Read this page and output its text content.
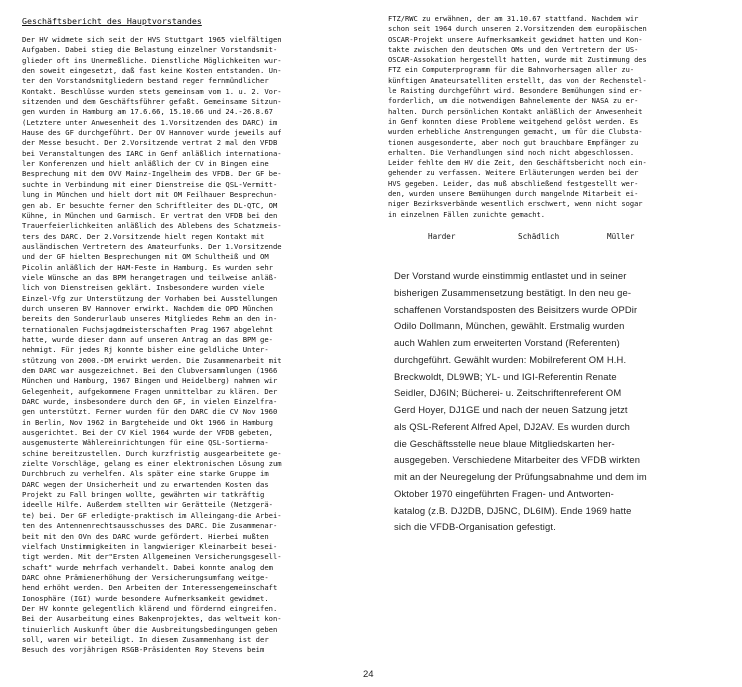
Geschäftsbericht des Hauptvorstandes
Der HV widmete sich seit der HVS Stuttgart 1965 vielfältigen
Aufgaben. Dabei stieg die Belastung einzelner Vorstandsmit-
glieder oft ins Unermeßliche. Dienstliche Möglichkeiten wur-
den soweit eingesetzt, daß fast keine Kosten entstanden. Un-
ter den Vorstandsmitgliedern bestand reger fernmündlicher
Kontakt. Beschlüsse wurden stets gemeinsam vom 1. u. 2. Vor-
sitzenden und dem Geschäftsführer gefaßt. Gemeinsame Sitzun-
gen wurden in Hamburg am 17.6.66, 15.10.66 und 24.-26.8.67
(Letztere unter Anwesenheit des 1.Vorsitzenden des DARC) im
Hause des GF durchgeführt. Der OV Hannover wurde jeweils auf
der Messe besucht. Der 2.Vorsitzende vertrat 2 mal den VFDB
bei Veranstaltungen des IARC in Genf anläßlich internationa-
ler Konferenzen und hielt anläßlich der CV in Bingen eine
Besprechung mit dem OVV Mainz-Ingelheim des VFDB. Der GF be-
suchte in Verbindung mit einer Dienstreise die QSL-Vermitt-
lung in München und hielt dort mit OM Feilhauer Besprechun-
gen ab. Er besuchte ferner den Schriftleiter des DL-QTC, OM
Kühne, in München und Garmisch. Er vertrat den VFDB bei den
Trauerfeierlichkeiten anläßlich des Ablebens des Schatzmeis-
ters des DARC. Der 2.Vorsitzende hielt regen Kontakt mit
ausländischen Vertretern des Amateurfunks. Der 1.Vorsitzende
und der GF hielten Besprechungen mit OM Schultheiß und OM
Picolin anläßlich der HAM-Feste in Hamburg. Es wurden sehr
viele Wünsche an das BPM herangetragen und teilweise anläß-
lich von Dienstreisen geklärt. Insbesondere wurden viele
Einzel-Vfg zur Unterstützung der Vorhaben bei Ausstellungen
durch unseren BV Hannover erwirkt. Nachdem die OPD München
bereits den Sonderurlaub unseres Mitgliedes Rehm an den in-
ternationalen Fuchsjagdmeisterschaften Prag 1967 abgelehnt
hatte, wurde dieser dann auf unseren Antrag an das BPM ge-
nehmigt. Für jedes Rj konnte bisher eine geldliche Unter-
stützung von 2000.-DM erwirkt werden. Die Zusammenarbeit mit
dem DARC war ausgezeichnet. Bei den Clubversammlungen (1966
München und Hamburg, 1967 Bingen und Heidelberg) nahmen wir
Gelegenheit, aufgekommene Fragen unmittelbar zu klären. Der
DARC wurde, insbesondere durch den GF, in vielen Einzelfra-
gen unterstützt. Ferner wurden für den DARC die CV Nov 1960
in Berlin, Nov 1962 in Bargteheide und Okt 1966 in Hamburg
ausgerichtet. Bei der CV Kiel 1964 wurde der VFDB gebeten,
ausgemusterte Wählereinrichtungen für eine QSL-Sortierma-
schine bereitzustellen. Durch kurzfristig ausgearbeitete ge-
zielte Vorschläge, gelang es einer elektronischen Lösung zum
Durchbruch zu verhelfen. Als später eine starke Gruppe im
DARC wegen der Unsicherheit und zu erwartenden Kosten das
Projekt zu Fall bringen wollte, gewährten wir tatkräftig
ideelle Hilfe. Außerdem stellten wir Gerätteile (Netzgerä-
te) bei. Der GF erledigte-praktisch im Alleingang-die Arbei-
ten des Antennenrechtsausschusses des DARC. Die Zusammenar-
beit mit den OVn des DARC wurde gefördert. Hierbei mußten
vielfach Unstimmigkeiten in langwieriger Kleinarbeit besei-
tigt werden. Mit der"Ersten Allgemeinen Versicherungsgesell-
schaft" wurde mehrfach verhandelt. Dabei konnte analog dem
DARC ohne Prämienerhöhung der Versicherungsumfang weitge-
hend erhöht werden. Den Arbeiten der Interessengemeinschaft
Ionosphäre (IGI) wurde besondere Aufmerksamkeit gewidmet.
Der HV konnte gelegentlich klärend und fördernd eingreifen.
Bei der Ausarbeitung eines Bakenprojektes, das weltweit kon-
tinuierlich Auskunft über die Ausbreitungsbedingungen geben
soll, waren wir beteiligt. In diesem Zusammenhang ist der
Besuch des vorjährigen RSGB-Präsidenten Roy Stevens beim
FTZ/RWC zu erwähnen, der am 31.10.67 stattfand. Nachdem wir
schon seit 1964 durch unseren 2.Vorsitzenden dem europäischen
OSCAR-Projekt unsere Aufmerksamkeit gewidmet hatten und Kon-
takte zwischen den deutschen OMs und den Vertretern der US-
OSCAR-Assokation hergestellt hatten, wurde mit Zustimmung des
FTZ ein Computerprogramm für die Bahnvorhersagen aller zu-
künftigen Amateursatelliten erstellt, das von der Rechenstel-
le Raisting durchgeführt wird. Besondere Bemühungen sind er-
forderlich, um die notwendigen Bahnelemente der NASA zu er-
halten. Durch persönlichen Kontakt anläßlich der Anwesenheit
in Genf konnten diese Probleme weitgehend gelöst werden. Es
wurden erhebliche Anstrengungen gemacht, um für die Clubsta-
tionen ausgesonderte, aber noch gut brauchbare Empfänger zu
erhalten. Die Verhandlungen sind noch nicht abgeschlossen.
Leider fehlte dem HV die Zeit, den Geschäftsbericht noch ein-
gehender zu verfassen. Weitere Erläuterungen werden bei der
HVS gegeben. Leider, das muß abschließend festgestellt wer-
den, wurden unsere Bemühungen durch mangelnde Mitarbeit ei-
niger Bezirksverbände wesentlich erschwert, wenn nicht sogar
in einzelnen Fällen zunichte gemacht.
Harder	Schädlich	Müller
Der Vorstand wurde einstimmig entlastet und in seiner
bisherigen Zusammensetzung bestätigt. In den neu ge-
schaffenen Vorstandsposten des Beisitzers wurde OPDir
Odilo Dollmann, München, gewählt. Erstmalig wurden
auch Wahlen zum erweiterten Vorstand (Referenten)
durchgeführt. Gewählt wurden: Mobilreferent OM H.H.
Breckwoldt, DL9WB; YL- und IGI-Referentin Renate
Seidler, DJ6IN; Bücherei- u. Zeitschriftenreferent OM
Gerd Hoyer, DJ1GE und nach der neuen Satzung jetzt
als QSL-Referent Alfred Apel, DJ2AV. Es wurden durch
die Geschäftsstelle neue blaue Mitgliedskarten her-
ausgegeben. Verschiedene Mitarbeiter des VFDB wirkten
mit an der Neuregelung der Prüfungsabnahme und dem im
Oktober 1970 eingeführten Fragen- und Antworten-
katalog (z.B. DJ2DB, DJ5NC, DL6IM). Ende 1969 hatte
sich die VFDB-Organisation gefestigt.
24
